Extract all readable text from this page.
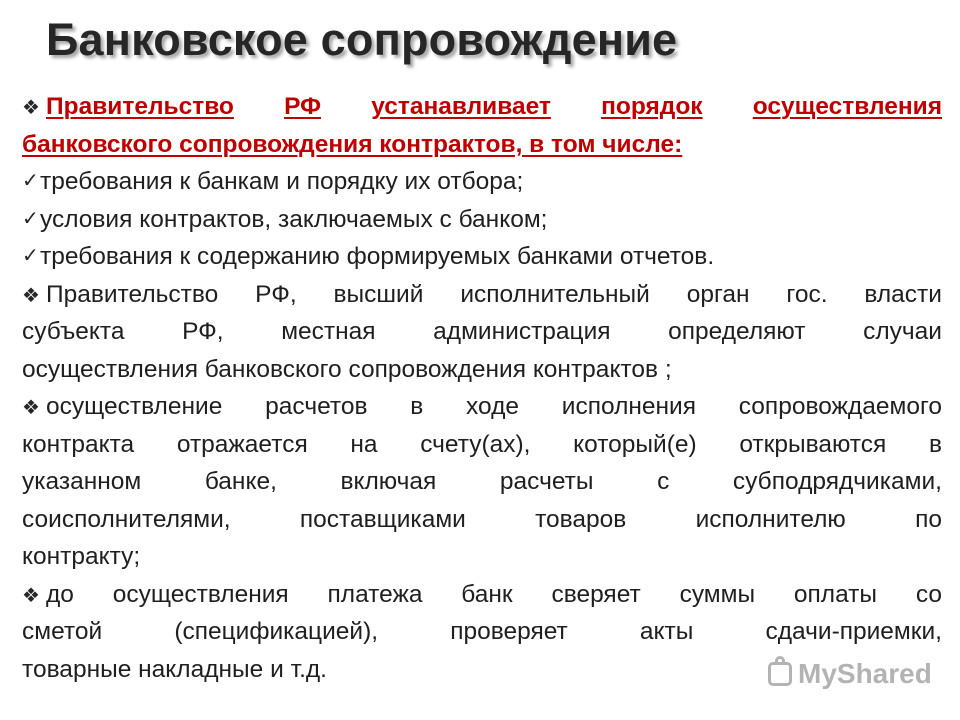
Банковское сопровождение
❖ Правительство РФ устанавливает порядок осуществления
банковского сопровождения контрактов, в том числе:
✓ требования к банкам и порядку их отбора;
✓ условия контрактов, заключаемых с банком;
✓ требования к содержанию формируемых банками отчетов.
❖ Правительство РФ, высший исполнительный орган гос. власти
субъекта РФ, местная администрация определяют случаи
осуществления банковского сопровождения контрактов ;
❖ осуществление расчетов в ходе исполнения сопровождаемого
контракта отражается на счету(ах), который(е) открываются в
указанном	банке,	включая	расчеты	с	субподрядчиками,
соисполнителями,	поставщиками	товаров	исполнителю	по
контракту;
❖ до осуществления платежа банк сверяет суммы оплаты со
сметой	(спецификацией),	проверяет	акты	сдачи-приемки,
товарные накладные и т.д.	MyShared
